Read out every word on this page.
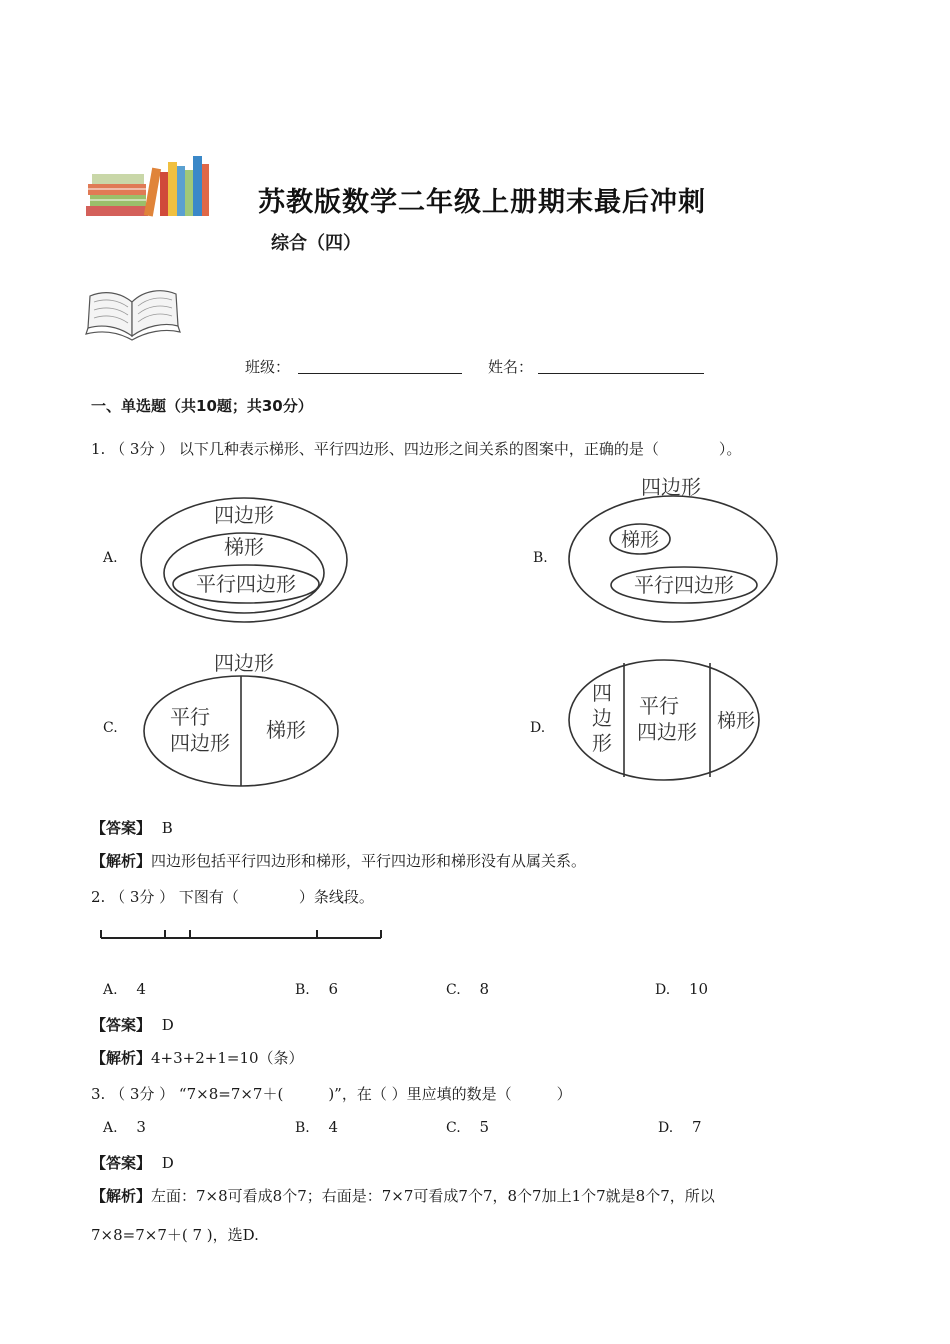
苏教版数学二年级上册期末最后冲刺
综合（四）
班级：	姓名：
一、单选题（共10题；共30分）
1. （ 3分 ） 以下几种表示梯形、平行四边形、四边形之间关系的图案中，正确的是（　　　　）。
A.
四边形
梯形
平行四边形
B.
四边形
梯形
平行四边形
C.
四边形
平行
四边形
梯形	D.
四
边
形
平行
四边形 梯形
【答案】 B
【解析】四边形包括平行四边形和梯形，平行四边形和梯形没有从属关系。
2. （ 3分 ） 下图有（　　　　）条线段。
A. 4	B. 6	C. 8	D. 10
【答案】 D
【解析】4+3+2+1=10（条）
3. （ 3分 ） “7×8=7×7＋(　　　)”，在（ ）里应填的数是（　　　）
A. 3	B. 4	C. 5	D. 7
【答案】 D
【解析】左面：7×8可看成8个7；右面是：7×7可看成7个7，8个7加上1个7就是8个7，所以
7×8=7×7＋( 7 )，选D.
